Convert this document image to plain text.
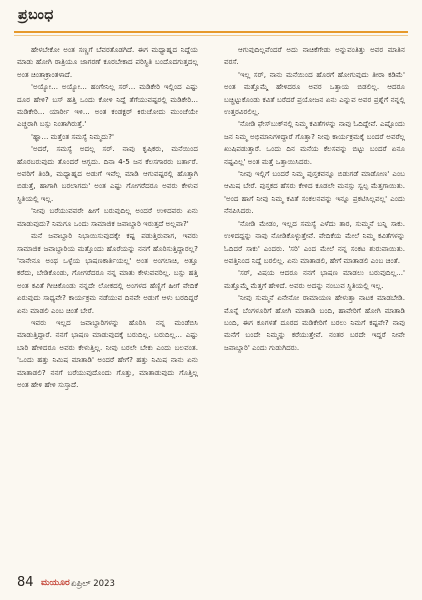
ಪ್ರಬಂಧ

ಹೇಳಬೇಕೋ ಅಂತ ಸಣ್ಣಗೆ ಬೆವರತೊಡಗಿದೆ. ಈಗ ಮಧ್ಯಾಹ್ನದ ನಿದ್ದೆಯ ಮಾಡು ಹೋಗಿ ರಾತ್ರಿಯೂ ಜಾಗರಣೆ ಕೂರಬೇಕಾದ ಪರಿಸ್ಥಿತಿ ಬಂದೊದಗುತ್ತದಲ್ಲ ಅಂತ ಚಿಂತಾಕ್ರಾಂತಳಾದೆ.

'ಅಯ್ಯೋ... ಅಯ್ಯೋ... ಹಂಗೇನಿಲ್ಲ ಸರ್... ಮಡಿಕೇರಿ ಇಲ್ಲಿಂದ ಎಷ್ಟು ದೂರ ಹೇಳಿ? ಬಸ್ ಹತ್ತಿ ಒಂದು ಕೋಳಿ ನಿದ್ದೆ ತೆಗೆಯುವಷ್ಟರಲ್ಲಿ ಮಡಿಕೇರಿ... ಮಡಿಕೇರಿ... ಯಾರ್ರೀ ಇಳಿ... ಅಂತ ಕಂಡಕ್ಟರ್ ಕಿರುಚೋದು ಮುಂಚೆಯೇ ಎಚ್ಚರಾಗಿ ಬಸ್ಸು ನಿಂತಾಗಿರುತ್ತೆ.'

'ಹ್ಞಾ... ಮತ್ತೆಂತ ಸಮಸ್ಯೆ ನಿಮ್ಮದು?'

'ಅದರೆ, ಸಮಸ್ಯೆ ಅದಲ್ಲ ಸರ್. ನಾವು ಕೃಷಿಕರು, ಮನೆಯಿಂದ ಹೊರಬರುವುದು ತೊಂದರೆ ಆಗ್ಬದು. ದಿನಾ 4-5 ಜನ ಕೆಲಸಗಾರರು ಬರ್ತಾರೆ. ಅವರಿಗೆ ತಿಂಡಿ, ಮಧ್ಯಾಹ್ನದ ಅಡುಗೆ ಇವೆಲ್ಲ ಮಾಡಿ ಆಗುವಷ್ಟರಲ್ಲಿ ಹೊತ್ತಾಗಿ ಬಿಡುತ್ತೆ, ಹಾಗಾಗಿ ಬರಲಾಗದು' ಅಂತ ಎಷ್ಟು ಗೋಗರೆದರೂ ಅವರು ಕೇಳುವ ಸ್ಥಿತಿಯಲ್ಲಿ ಇಲ್ಲ.

'ನೀವು ಬರೆಯುವವರೇ ಹೀಗೆ ಬರುವುದಿಲ್ಲ ಅಂದರೆ ಉಳಿದವರು ಏನು ಮಾಡುವುದು? ನಿಮಗೂ ಒಂದು ಸಾಮಾಜಿಕ ಜವಾಬ್ದಾರಿ ಇರುತ್ತದೆ ಅಲ್ಲವಾ?'

ಮನೆ ಜವಾಬ್ದಾರಿ ನಿಭಾಯಿಸುವುದಕ್ಕೇ ಕಷ್ಟ ಪಡುತ್ತಿರುವಾಗ, ಇವರು ಸಾಮಾಜಿಕ ಜವಾಬ್ದಾರಿಯ ಮತ್ತೊಂದು ಹೊರೆಯನ್ನು ನನಗೆ ಹೊರಿಸುತ್ತಿದ್ದಾರಲ್ಲ? 'ನಾನೇನೂ ಅಂಥ ಒಳ್ಳೆಯ ಭಾಷಣಕಾರ್ತಿಯಲ್ಲ' ಅಂತ ಅಂಗಲಾಚಿ, ಅತ್ತೂ ಕರೆದು, ಬೇಡಿಕೊಂಡು, ಗೋಗರೆದರೂ ನನ್ನ ಮಾತು ಕೇಳುವವರಿಲ್ಲ. ಬಸ್ಸು ಹತ್ತಿ ಅಂತ ಕವಿತೆ ಗೀಚಿಕೊಂಡು ನನ್ನದೇ ಲೋಕದಲ್ಲಿ ಅಂಗಳದ ಹೆಣ್ಣಿಗೆ ಹೀಗೆ ವೇದಿಕೆ ಏರುವುದು ಸಾಧ್ಯವೇ? ಕಾರ್ಯಕ್ರಮ ನಡೆಯುವ ದಿನವೇ ಅಡುಗೆ ಆಳು ಬರದಿದ್ದರೆ ಏನು ಮಾಡಲಿ ಎಂಬ ಚಿಂತೆ ಬೇರೆ.

ಇವರು ಇಲ್ಲದ ಜವಾಬ್ದಾರಿಗಳನ್ನು ಹೊರಿಸಿ ನನ್ನ ಮಂಡೆಬಿಸಿ ಮಾಡುತ್ತಿದ್ದಾರೆ. ನನಗೆ ಭಾಷಣ ಮಾಡುವುದಕ್ಕೆ ಬರುದಿಲ್ಲ. ಬರುದಿಲ್ಲ... ಎಷ್ಟು ಬಾರಿ ಹೇಳಿದರೂ ಅವರು ಕೇಳುತ್ತಿಲ್ಲ. ನೀವು ಬರಲೇ ಬೇಕು ಎಂದು ಬಲವಂತ. 'ಒಂದು ಹತ್ತು ನಿಮಿಷ ಮಾತಾಡಿ' ಅಂದರೆ ಹೇಗೆ? ಹತ್ತು ನಿಮಿಷ ನಾನು ಏನು ಮಾತಾಡಲಿ? ನನಗೆ ಬರೆಯುವುದೊಂದು ಗೊತ್ತು, ಮಾತಾಡುವುದು ಗೊತ್ತಿಲ್ಲ ಅಂತ ಹೇಳಿ ಹೇಳಿ ಸುಸ್ತಾದೆ.

ಆಗುವುದಿಲ್ಲವೆಂದರೆ ಅದು ನಾಚಿಕೆಗೇಡು ಅನ್ನುವಂತಿತ್ತು ಅವರ ಮಾತಿನ ವರಸೆ.

'ಇಲ್ಲ ಸರ್, ನಾನು ಮನೆಯಿಂದ ಹೊರಗೆ ಹೋಗುವುದು ತೀರಾ ಕಡಿಮೆ' ಅಂತ ಮತ್ತೊಮ್ಮೆ ಹೇಳಿದರೂ ಅವರ ಒತ್ತಾಯ ಬಿಡಲಿಲ್ಲ. ಆದರೂ ಬಚ್ಚಿಟ್ಟುಕೊಂಡು ಕವಿತೆ ಬರೆದರೆ ಪ್ರಯೋಜನ ಏನು ಎನ್ನುವ ಅವರ ಪ್ರಶ್ನೆಗೆ ನನ್ನಲ್ಲಿ ಉತ್ತರವಿರಲಿಲ್ಲ.

'ನೋಡಿ ಫೇಸ್‌ಬುಕ್‌ನಲ್ಲಿ ನಿಮ್ಮ ಕವಿತೆಗಳನ್ನು ನಾವು ಓದಿದ್ದೇವೆ. ಎಷ್ಟೊಂದು ಜನ ನಿಮ್ಮ ಅಭಿಮಾನಿಗಳಿದ್ದಾರೆ ಗೊತ್ತಾ? ನೀವು ಕಾರ್ಯಕ್ರಮಕ್ಕೆ ಬಂದರೆ ಅವರೆಲ್ಲ ಖುಷಿಪಡುತ್ತಾರೆ. ಒಂದು ದಿನ ಮನೆಯ ಕೆಲಸವನ್ನು ಬಿಟ್ಟು ಬಂದರೆ ಏನೂ ನಷ್ಟವಿಲ್ಲ' ಅಂತ ಮತ್ತೆ ಒತ್ತಾಯಿಸಿದರು.

'ನೀವು ಇಲ್ಲಿಗೆ ಬಂದರೆ ನಿಮ್ಮ ಪುಸ್ತಕವನ್ನೂ ಬಿಡುಗಡೆ ಮಾಡೋಣ' ಎಂಬ ಆಮಿಷ ಬೇರೆ. ಪುಸ್ತಕದ ಹೆಸರು ಕೇಳಿದ ಕೂಡಲೇ ಮನಸ್ಸು ಸ್ವಲ್ಪ ಮೆತ್ತಗಾಯಿತು. 'ಅಂದ ಹಾಗೆ ನೀವು ನಿಮ್ಮ ಕವಿತೆ ಸಂಕಲನವನ್ನು ಇನ್ನೂ ಪ್ರಕಟಿಸಿಲ್ಲವಲ್ಲ' ಎಂದು ನೆನಪಿಸಿದರು.

'ನೋಡಿ ಮೇಡಂ, ಇಲ್ಲದ ಸಮಸ್ಯೆ ಎಳೆದು ತಾರ, ಸುಮ್ಮನೆ ಬನ್ನಿ ಸಾಕು. ಉಳಿದದ್ದನ್ನು ನಾವು ನೋಡಿಕೊಳ್ಳುತ್ತೇವೆ. ವೇದಿಕೆಯ ಮೇಲೆ ನಿಮ್ಮ ಕವಿತೆಗಳನ್ನು ಓದಿದರೆ ಸಾಕು' ಎಂದರು. 'ಸರಿ' ಎಂದ ಮೇಲೆ ನನ್ನ ಸಂಕಟ ಶುರುವಾಯಿತು. ಅವತ್ತಿನಿಂದ ನಿದ್ದೆ ಬರಲಿಲ್ಲ. ಏನು ಮಾತಾಡಲಿ, ಹೇಗೆ ಮಾತಾಡಲಿ ಎಂಬ ಚಿಂತೆ.

'ಸರ್, ವಿಷಯ ಆದರೂ ನನಗೆ ಭಾಷಣ ಮಾಡಲು ಬರುವುದಿಲ್ಲ...' ಮತ್ತೊಮ್ಮೆ ಮೆತ್ತಗೆ ಹೇಳಿದೆ. ಅವರು ಅದನ್ನು ನಂಬುವ ಸ್ಥಿತಿಯಲ್ಲಿ ಇಲ್ಲ.

'ನೀವು ಸುಮ್ಮನೆ ಏನೇನೋ ರಾಮಾಯಣ ಹೇಳುತ್ತಾ ನಾಟಕ ಮಾಡಬೇಡಿ. ಮೊನ್ನೆ ಬೆಂಗಳೂರಿಗೆ ಹೋಗಿ ಮಾತಾಡಿ ಬಂದಿ, ಹಾವೇರಿಗೆ ಹೋಗಿ ಮಾತಾಡಿ ಬಂದಿ, ಈಗ ಕೂಗಳತೆ ದೂರದ ಮಡಿಕೇರಿಗೆ ಬರಲು ನಿಮಗೆ ಕಷ್ಟವೇ? ನಾವು ಮನೆಗೆ ಬಂದೇ ನಿಮ್ಮನ್ನು ಕರೆಯುತ್ತೇವೆ. ನಂತರ ಬರದೇ ಇದ್ದರೆ ನೀವೇ ಜವಾಬ್ದಾರಿ' ಎಂದು ಗುಡುಗಿದರು.

84 ಮಯೂರ ಏಪ್ರಿಲ್ 2023
